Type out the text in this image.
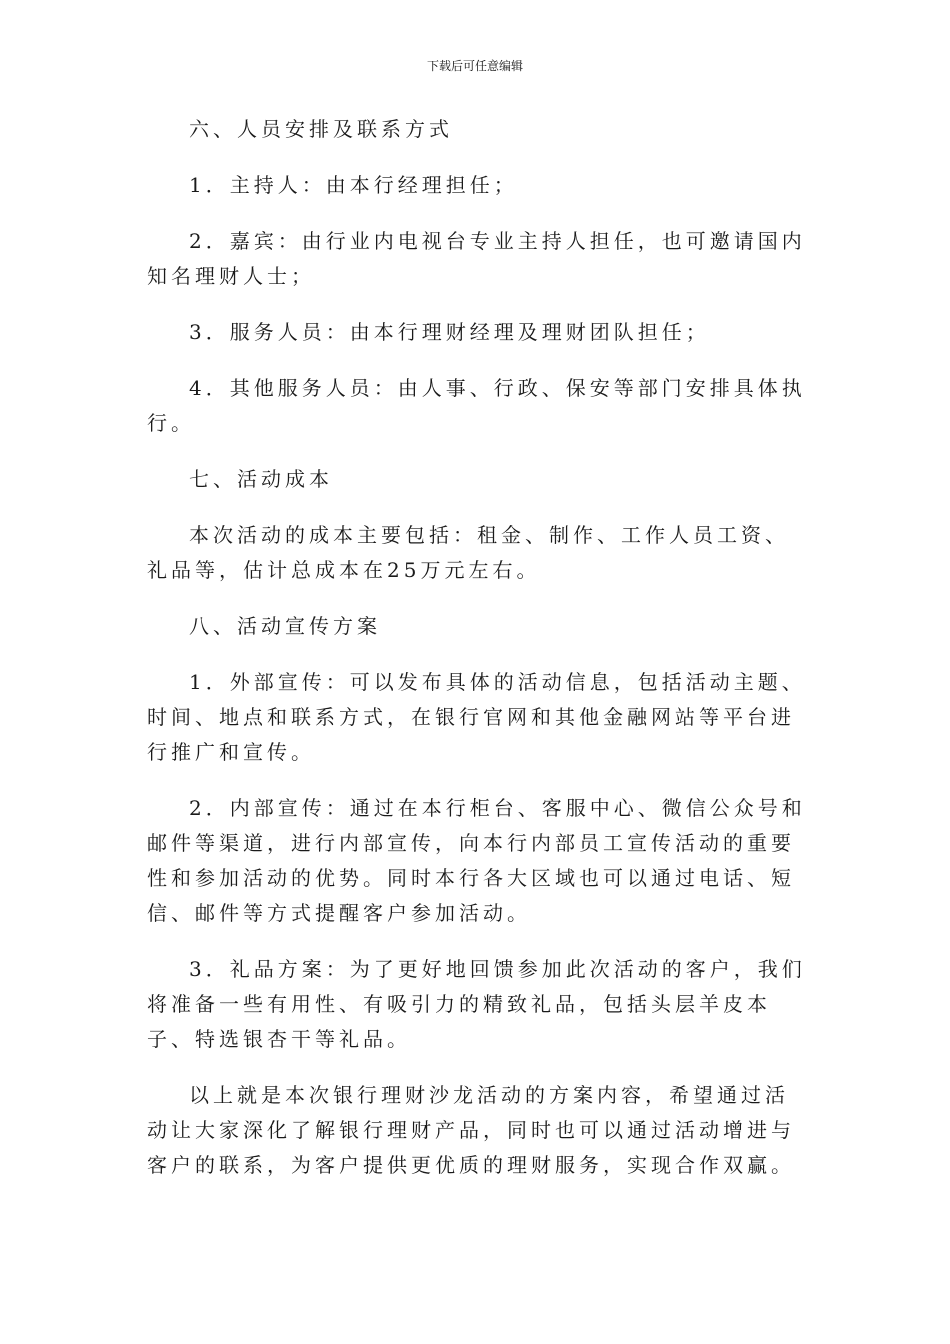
下载后可任意编辑

六、人员安排及联系方式

1．主持人：由本行经理担任；

2．嘉宾：由行业内电视台专业主持人担任，也可邀请国内知名理财人士；

3．服务人员：由本行理财经理及理财团队担任；

4．其他服务人员：由人事、行政、保安等部门安排具体执行。

七、活动成本

本次活动的成本主要包括：租金、制作、工作人员工资、礼品等，估计总成本在25万元左右。

八、活动宣传方案

1．外部宣传：可以发布具体的活动信息，包括活动主题、时间、地点和联系方式，在银行官网和其他金融网站等平台进行推广和宣传。

2．内部宣传：通过在本行柜台、客服中心、微信公众号和邮件等渠道，进行内部宣传，向本行内部员工宣传活动的重要性和参加活动的优势。同时本行各大区域也可以通过电话、短信、邮件等方式提醒客户参加活动。

3．礼品方案：为了更好地回馈参加此次活动的客户，我们将准备一些有用性、有吸引力的精致礼品，包括头层羊皮本子、特选银杏干等礼品。

以上就是本次银行理财沙龙活动的方案内容，希望通过活动让大家深化了解银行理财产品，同时也可以通过活动增进与客户的联系，为客户提供更优质的理财服务，实现合作双赢。
